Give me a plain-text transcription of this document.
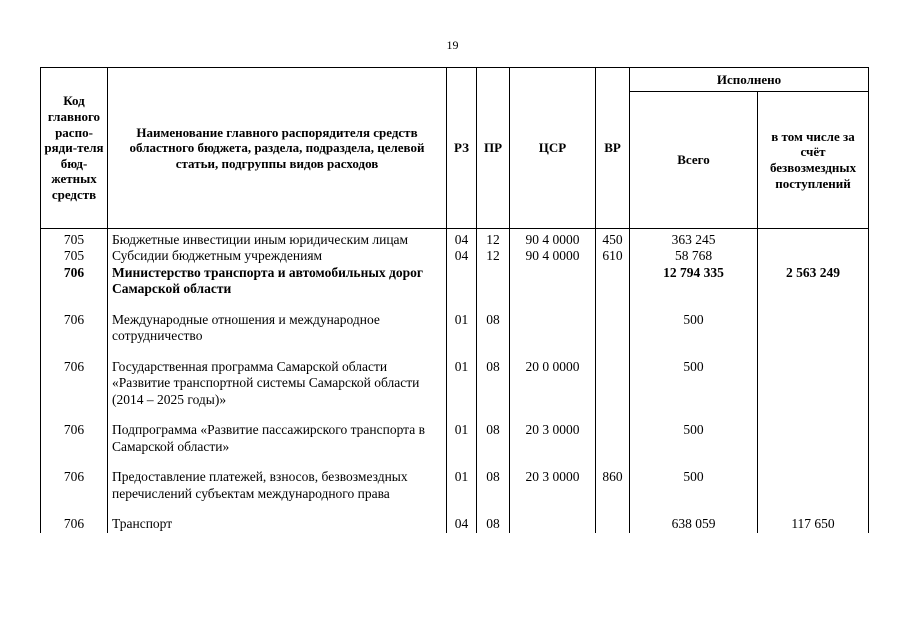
19
Код главного распо-ряди-теля бюд-жетных средств	Наименование главного распорядителя средств областного бюджета, раздела, подраздела, целевой статьи, подгруппы видов расходов	РЗ	ПР	ЦСР	ВР	Исполнено	
						Всего	в том числе за счёт безвозмездных поступлений
705	Бюджетные инвестиции иным юридическим лицам	04	12	90 4 0000	450	363 245	
705	Субсидии бюджетным учреждениям	04	12	90 4 0000	610	58 768	
706	Министерство транспорта и автомобильных дорог Самарской области					12 794 335	2 563 249

706	Международные отношения и международное сотрудничество	01	08			500	

706	Государственная программа Самарской области «Развитие транспортной системы Самарской области (2014 – 2025 годы)»	01	08	20 0 0000		500	

706	Подпрограмма «Развитие пассажирского транспорта в Самарской области»	01	08	20 3 0000		500	

706	Предоставление платежей, взносов, безвозмездных перечислений субъектам международного права	01	08	20 3 0000	860	500	

706	Транспорт	04	08			638 059	117 650
